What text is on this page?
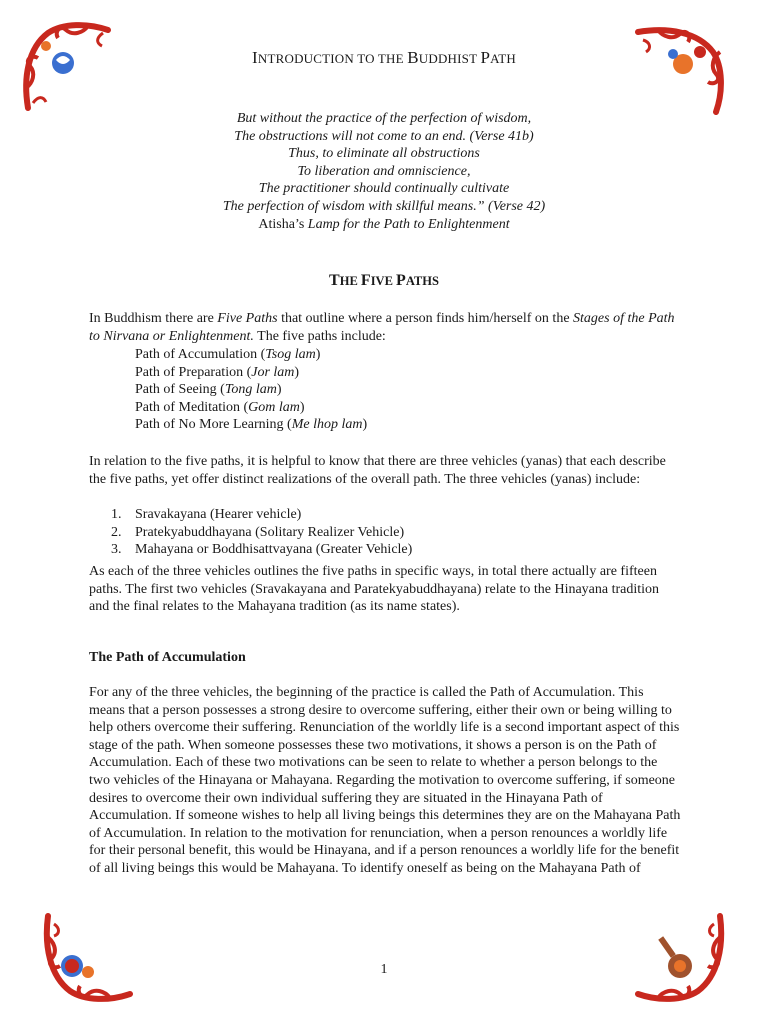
INTRODUCTION TO THE BUDDHIST PATH
But without the practice of the perfection of wisdom,
The obstructions will not come to an end. (Verse 41b)
Thus, to eliminate all obstructions
To liberation and omniscience,
The practitioner should continually cultivate
The perfection of wisdom with skillful means.” (Verse 42)
Atisha’s Lamp for the Path to Enlightenment
THE FIVE PATHS
In Buddhism there are Five Paths that outline where a person finds him/herself on the Stages of the Path to Nirvana or Enlightenment. The five paths include:
Path of Accumulation (Tsog lam)
Path of Preparation (Jor lam)
Path of Seeing (Tong lam)
Path of Meditation (Gom lam)
Path of No More Learning (Me lhop lam)
In relation to the five paths, it is helpful to know that there are three vehicles (yanas) that each describe the five paths, yet offer distinct realizations of the overall path. The three vehicles (yanas) include:
1. Sravakayana (Hearer vehicle)
2. Pratekyabuddhayana (Solitary Realizer Vehicle)
3. Mahayana or Boddhisattvayana (Greater Vehicle)
As each of the three vehicles outlines the five paths in specific ways, in total there actually are fifteen paths. The first two vehicles (Sravakayana and Paratekyabuddhayana) relate to the Hinayana tradition and the final relates to the Mahayana tradition (as its name states).
The Path of Accumulation
For any of the three vehicles, the beginning of the practice is called the Path of Accumulation. This means that a person possesses a strong desire to overcome suffering, either their own or being willing to help others overcome their suffering. Renunciation of the worldly life is a second important aspect of this stage of the path. When someone possesses these two motivations, it shows a person is on the Path of Accumulation. Each of these two motivations can be seen to relate to whether a person belongs to the two vehicles of the Hinayana or Mahayana. Regarding the motivation to overcome suffering, if someone desires to overcome their own individual suffering they are situated in the Hinayana Path of Accumulation. If someone wishes to help all living beings this determines they are on the Mahayana Path of Accumulation. In relation to the motivation for renunciation, when a person renounces a worldly life for their personal benefit, this would be Hinayana, and if a person renounces a worldly life for the benefit of all living beings this would be Mahayana. To identify oneself as being on the Mahayana Path of
1
